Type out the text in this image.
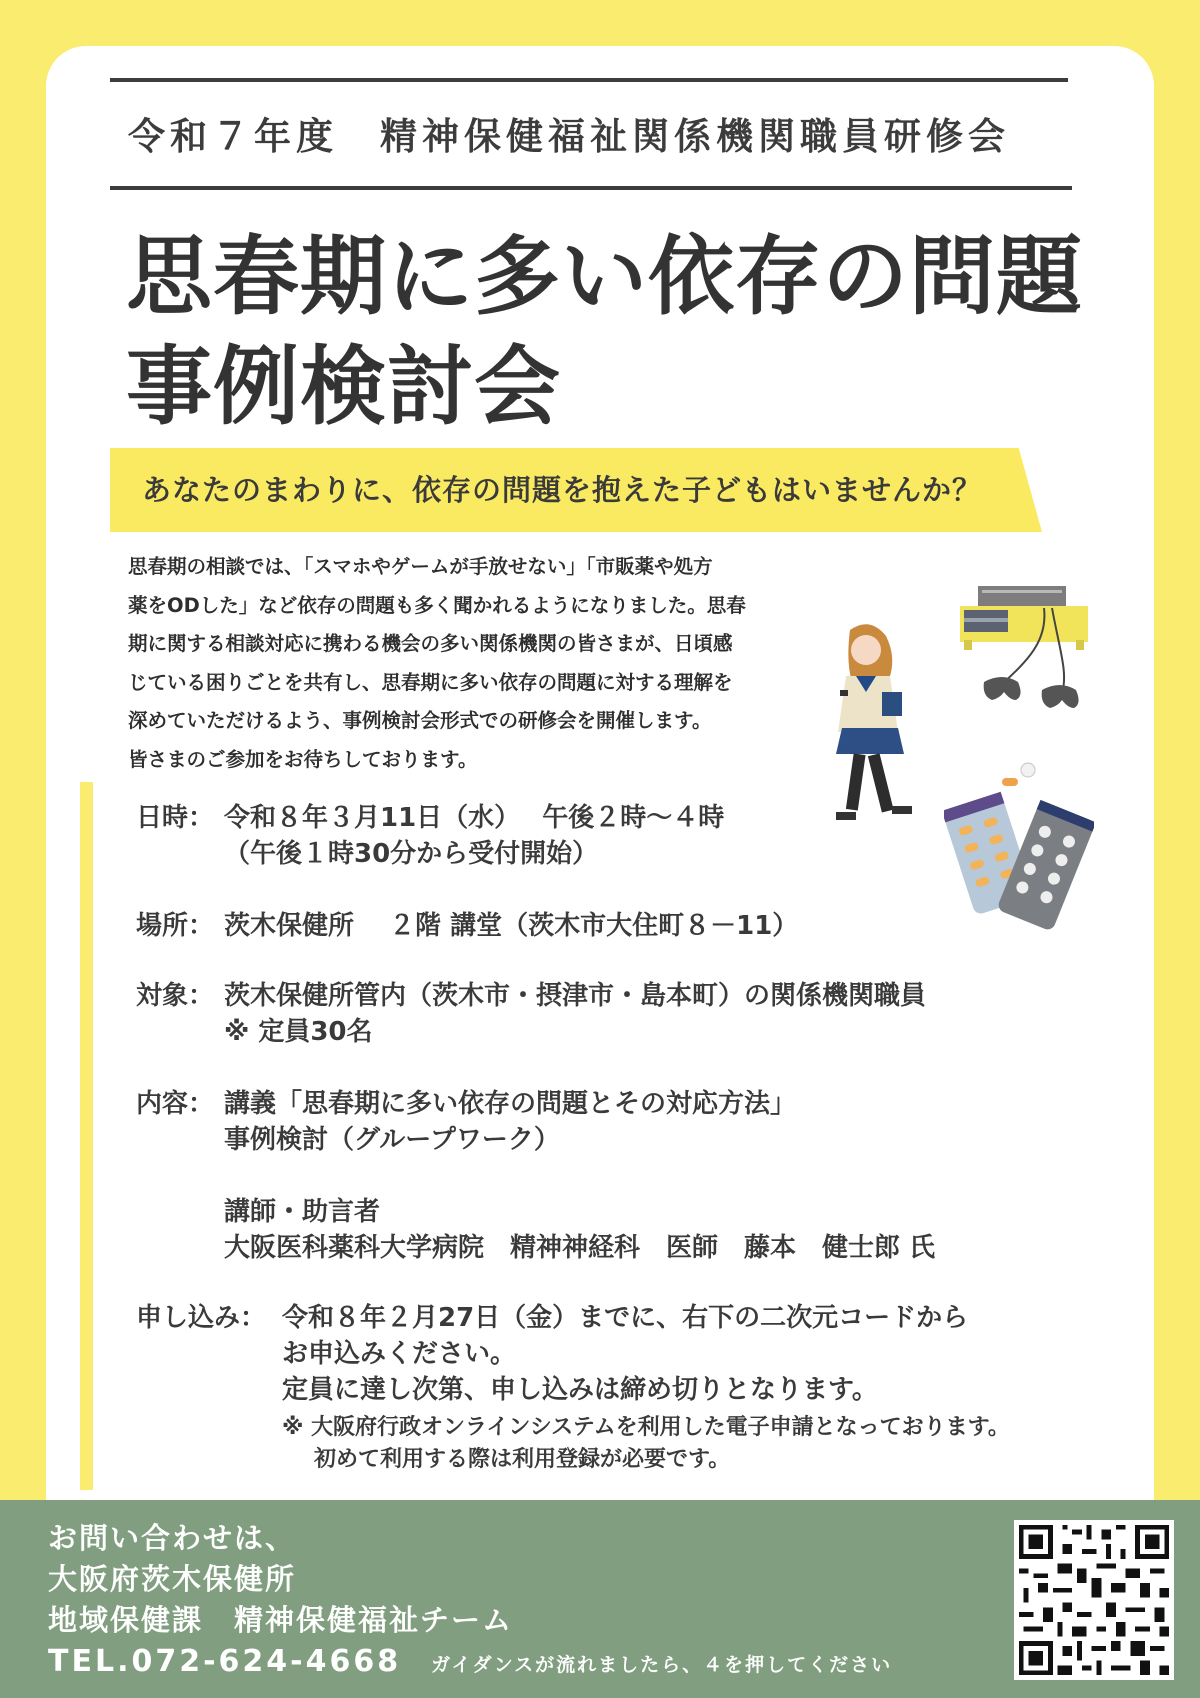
令和７年度　精神保健福祉関係機関職員研修会
思春期に多い依存の問題
事例検討会
あなたのまわりに、依存の問題を抱えた子どもはいませんか？
思春期の相談では、「スマホやゲームが手放せない」「市販薬や処方
薬をODした」など依存の問題も多く聞かれるようになりました。思春
期に関する相談対応に携わる機会の多い関係機関の皆さまが、日頃感
じている困りごとを共有し、思春期に多い依存の問題に対する理解を
深めていただけるよう、事例検討会形式での研修会を開催します。
皆さまのご参加をお待ちしております。
日時： 令和８年３月11日（水）　 午後２時～４時
（午後１時30分から受付開始）
場所： 茨木保健所　 ２階 講堂（茨木市大住町８－11）
対象： 茨木保健所管内（茨木市・摂津市・島本町）の関係機関職員
※ 定員30名
内容： 講義「思春期に多い依存の問題とその対応方法」
事例検討（グループワーク）
講師・助言者
大阪医科薬科大学病院　精神神経科　医師　藤本　健士郎 氏
申し込み： 令和８年２月27日（金）までに、右下の二次元コードから
お申込みください。
定員に達し次第、申し込みは締め切りとなります。
※ 大阪府行政オンラインシステムを利用した電子申請となっております。
初めて利用する際は利用登録が必要です。
お問い合わせは、
大阪府茨木保健所
地域保健課　精神保健福祉チーム
TEL.072-624-4668 ガイダンスが流れましたら、４を押してください
